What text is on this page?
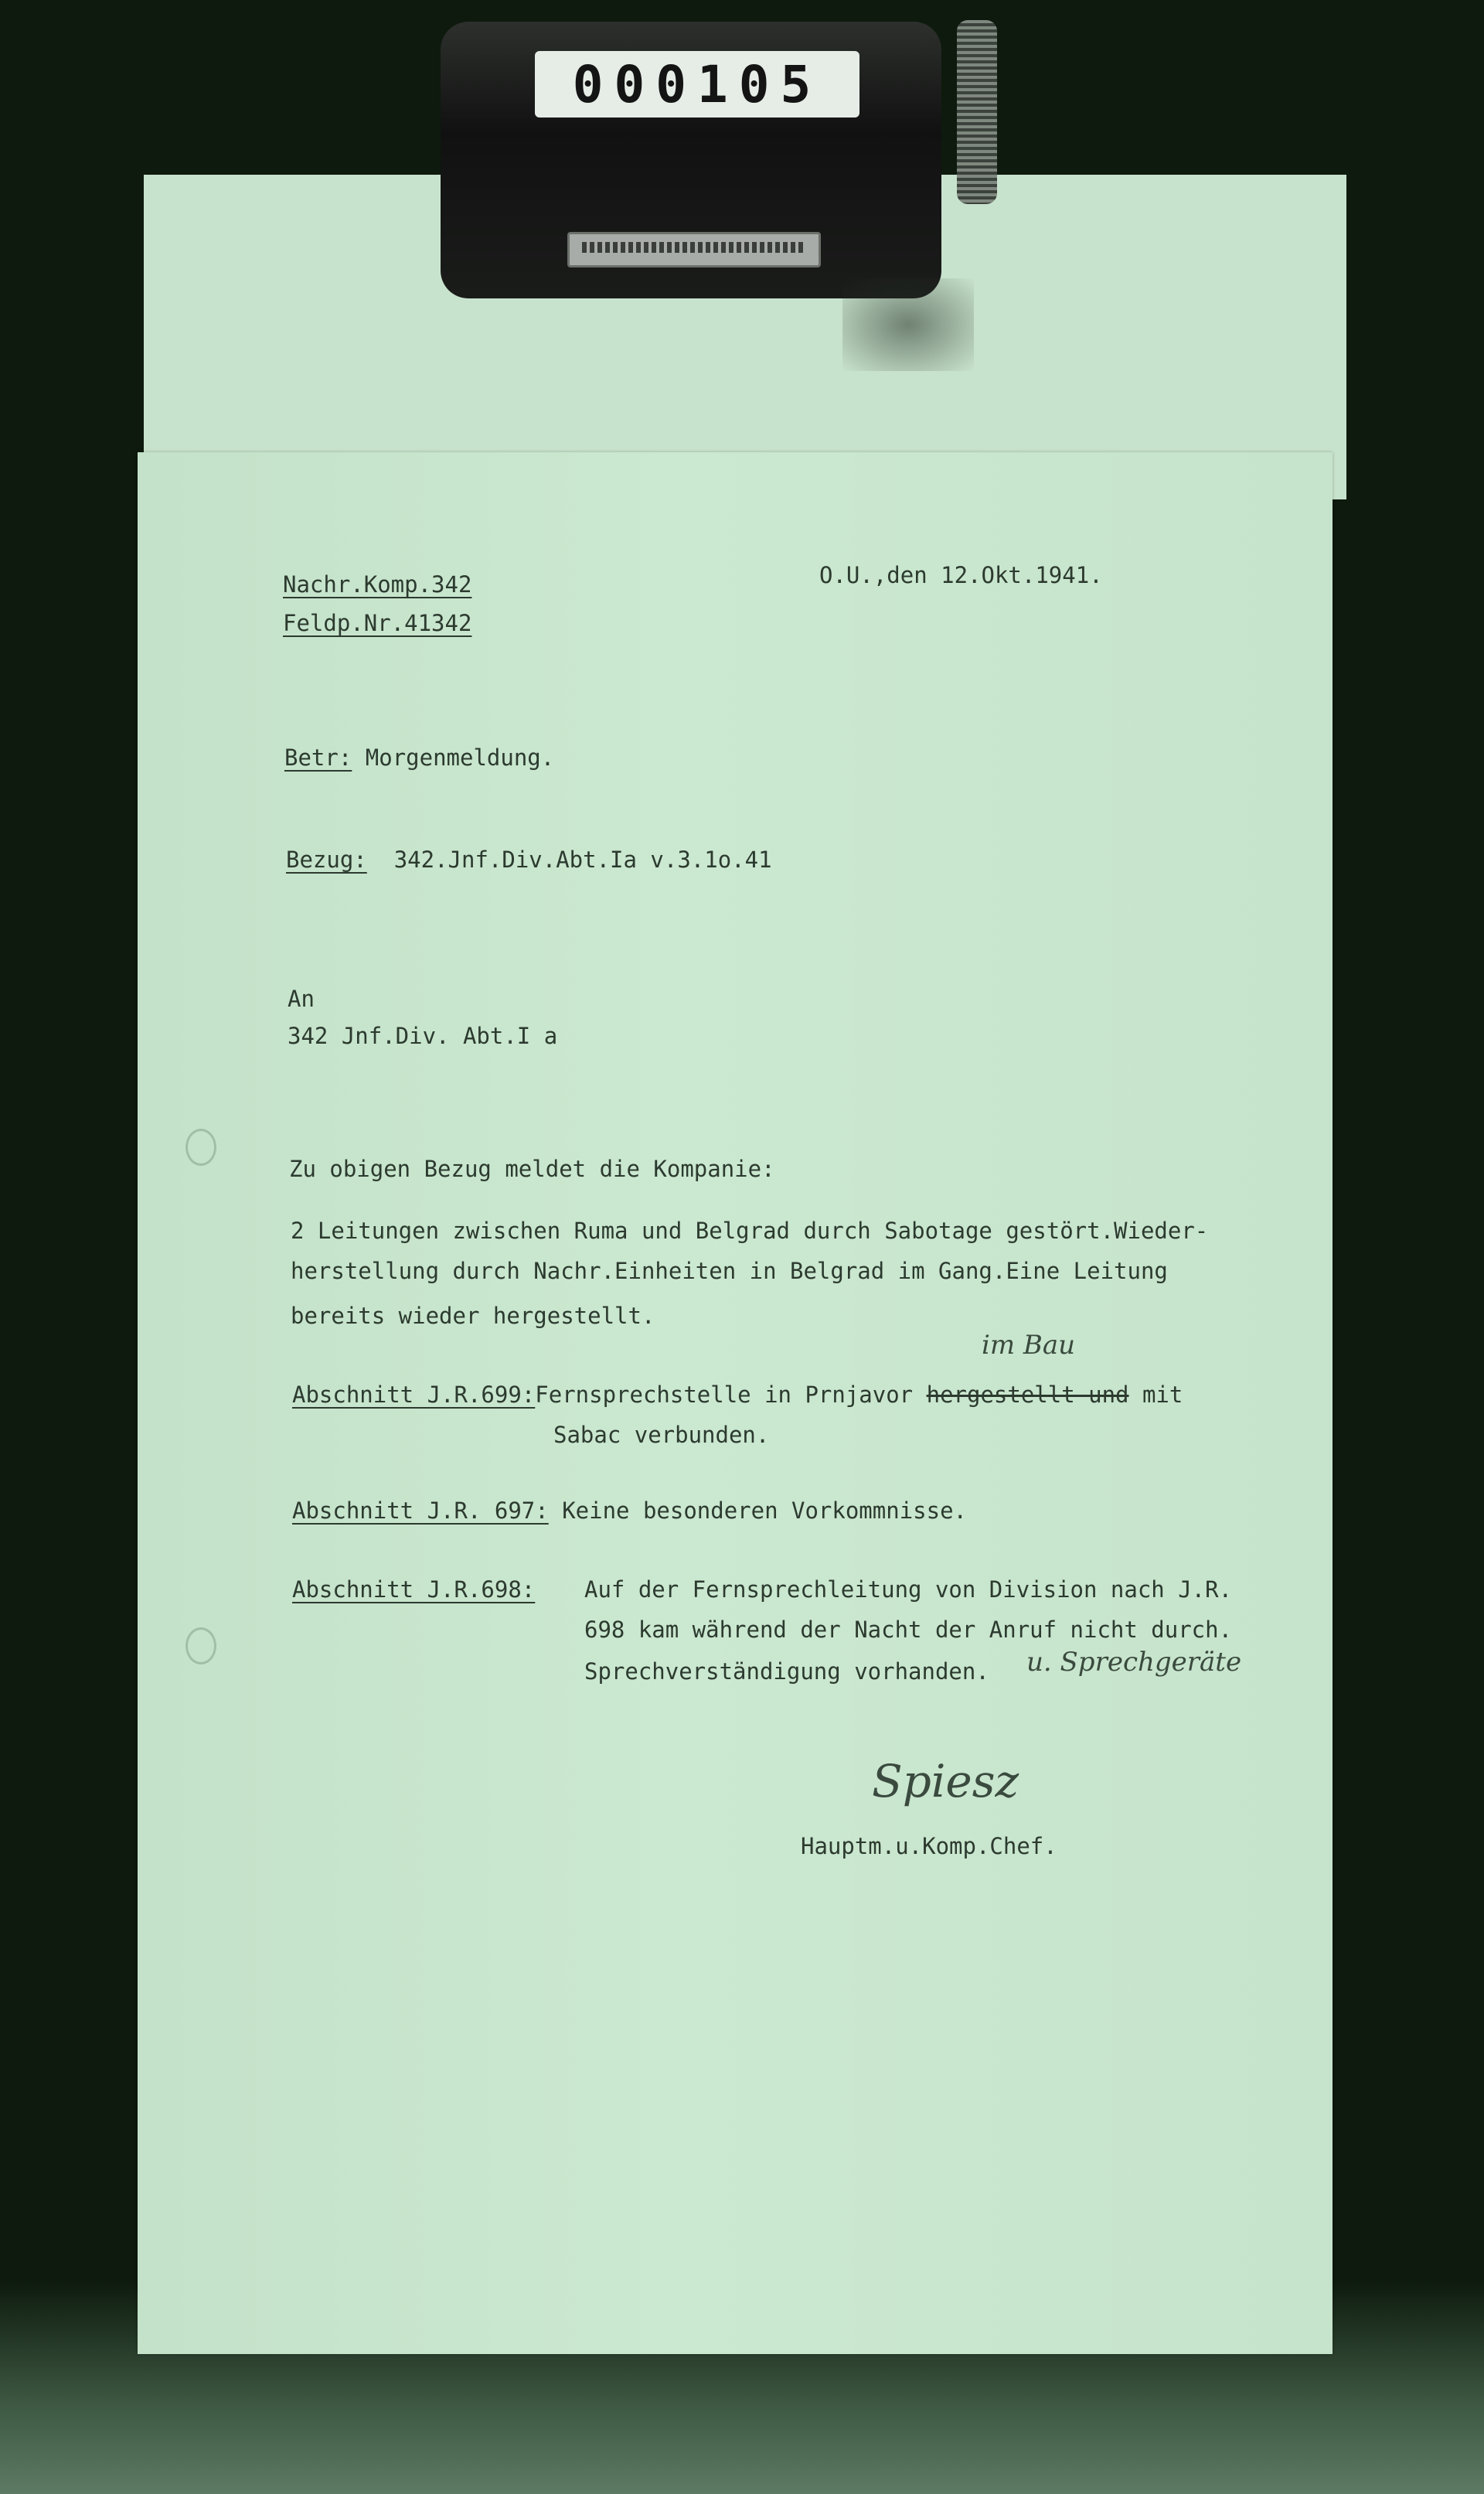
000105

Nachr.Komp.342

Feldp.Nr.41342

O.U.,den 12.Okt.1941.

Betr: Morgenmeldung.

Bezug: 342.Jnf.Div.Abt.Ia v.3.1o.41

An

342 Jnf.Div. Abt.I a

Zu obigen Bezug meldet die Kompanie:

2 Leitungen zwischen Ruma und Belgrad durch Sabotage gestört.Wieder-

herstellung durch Nachr.Einheiten in Belgrad im Gang.Eine Leitung

bereits wieder hergestellt.

im Bau

Abschnitt J.R.699:Fernsprechstelle in Prnjavor hergestellt und mit

Sabac verbunden.

Abschnitt J.R. 697: Keine besonderen Vorkommnisse.

Abschnitt J.R.698: Auf der Fernsprechleitung von Division nach J.R.

698 kam während der Nacht der Anruf nicht durch.

Sprechverständigung vorhanden. u. Sprechgeräte
Spiesz

Hauptm.u.Komp.Chef.
